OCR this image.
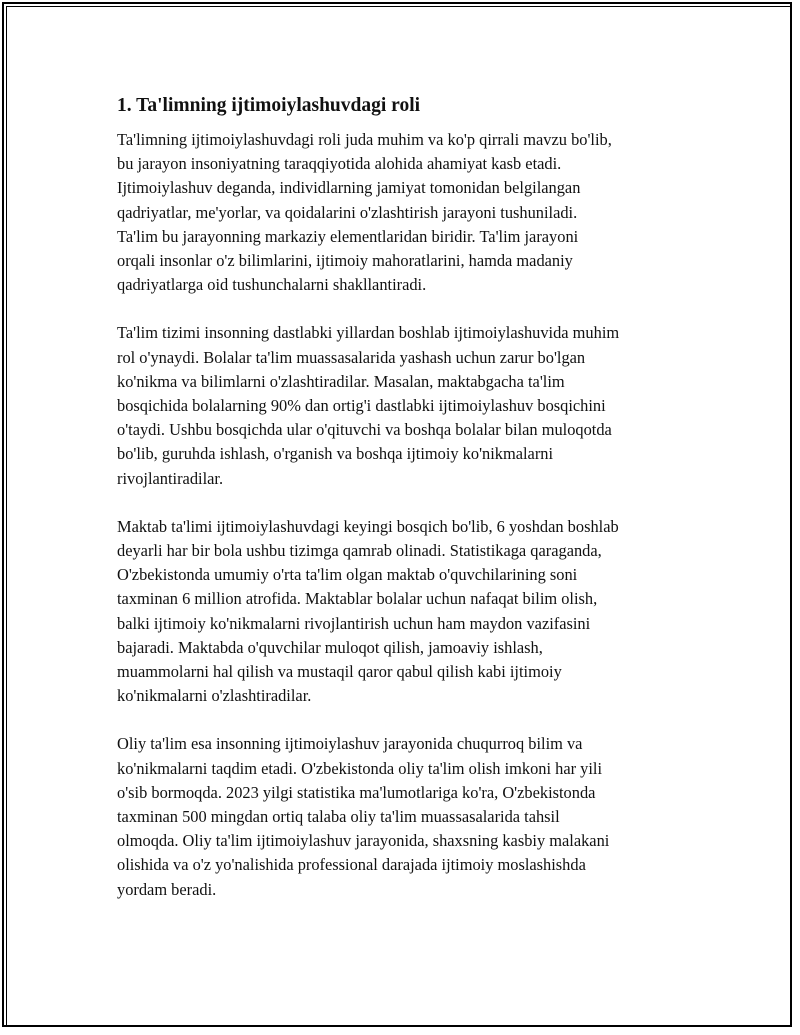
1. Ta'limning ijtimoiylashuvdagi roli

Ta'limning ijtimoiylashuvdagi roli juda muhim va ko'p qirrali mavzu bo'lib,
bu jarayon insoniyatning taraqqiyotida alohida ahamiyat kasb etadi.
Ijtimoiylashuv deganda, individlarning jamiyat tomonidan belgilangan
qadriyatlar, me'yorlar, va qoidalarini o'zlashtirish jarayoni tushuniladi.
Ta'lim bu jarayonning markaziy elementlaridan biridir. Ta'lim jarayoni
orqali insonlar o'z bilimlarini, ijtimoiy mahoratlarini, hamda madaniy
qadriyatlarga oid tushunchalarni shakllantiradi.

Ta'lim tizimi insonning dastlabki yillardan boshlab ijtimoiylashuvida muhim
rol o'ynaydi. Bolalar ta'lim muassasalarida yashash uchun zarur bo'lgan
ko'nikma va bilimlarni o'zlashtiradilar. Masalan, maktabgacha ta'lim
bosqichida bolalarning 90% dan ortig'i dastlabki ijtimoiylashuv bosqichini
o'taydi. Ushbu bosqichda ular o'qituvchi va boshqa bolalar bilan muloqotda
bo'lib, guruhda ishlash, o'rganish va boshqa ijtimoiy ko'nikmalarni
rivojlantiradilar.

Maktab ta'limi ijtimoiylashuvdagi keyingi bosqich bo'lib, 6 yoshdan boshlab
deyarli har bir bola ushbu tizimga qamrab olinadi. Statistikaga qaraganda,
O'zbekistonda umumiy o'rta ta'lim olgan maktab o'quvchilarining soni
taxminan 6 million atrofida. Maktablar bolalar uchun nafaqat bilim olish,
balki ijtimoiy ko'nikmalarni rivojlantirish uchun ham maydon vazifasini
bajaradi. Maktabda o'quvchilar muloqot qilish, jamoaviy ishlash,
muammolarni hal qilish va mustaqil qaror qabul qilish kabi ijtimoiy
ko'nikmalarni o'zlashtiradilar.

Oliy ta'lim esa insonning ijtimoiylashuv jarayonida chuqurroq bilim va
ko'nikmalarni taqdim etadi. O'zbekistonda oliy ta'lim olish imkoni har yili
o'sib bormoqda. 2023 yilgi statistika ma'lumotlariga ko'ra, O'zbekistonda
taxminan 500 mingdan ortiq talaba oliy ta'lim muassasalarida tahsil
olmoqda. Oliy ta'lim ijtimoiylashuv jarayonida, shaxsning kasbiy malakani
olishida va o'z yo'nalishida professional darajada ijtimoiy moslashishda
yordam beradi.
